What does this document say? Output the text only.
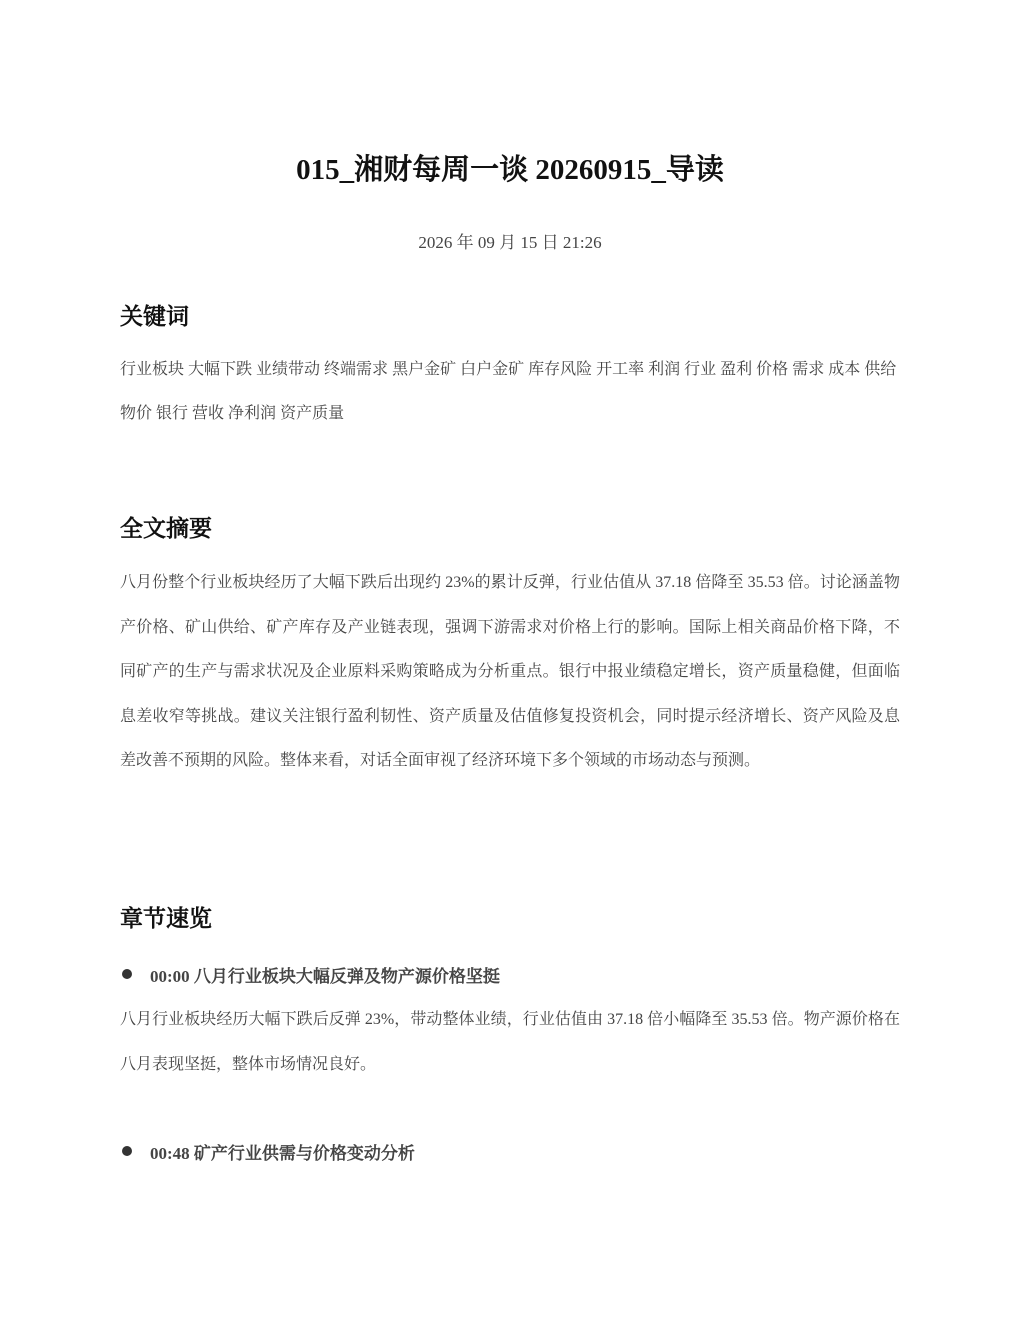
015_湘财每周一谈 20260915_导读
2026 年 09 月 15 日 21:26
关键词

行业板块 大幅下跌 业绩带动 终端需求 黑户金矿 白户金矿 库存风险 开工率 利润 行业 盈利 价格 需求 成本 供给物价 银行 营收 净利润 资产质量

全文摘要

八月份整个行业板块经历了大幅下跌后出现约 23%的累计反弹，行业估值从 37.18 倍降至 35.53 倍。讨论涵盖物产价格、矿山供给、矿产库存及产业链表现，强调下游需求对价格上行的影响。国际上相关商品价格下降，不同矿产的生产与需求状况及企业原料采购策略成为分析重点。银行中报业绩稳定增长，资产质量稳健，但面临息差收窄等挑战。建议关注银行盈利韧性、资产质量及估值修复投资机会，同时提示经济增长、资产风险及息差改善不预期的风险。整体来看，对话全面审视了经济环境下多个领域的市场动态与预测。

章节速览
00:00 八月行业板块大幅反弹及物产源价格坚挺

八月行业板块经历大幅下跌后反弹 23%，带动整体业绩，行业估值由 37.18 倍小幅降至 35.53 倍。物产源价格在八月表现坚挺，整体市场情况良好。

00:48 矿产行业供需与价格变动分析
